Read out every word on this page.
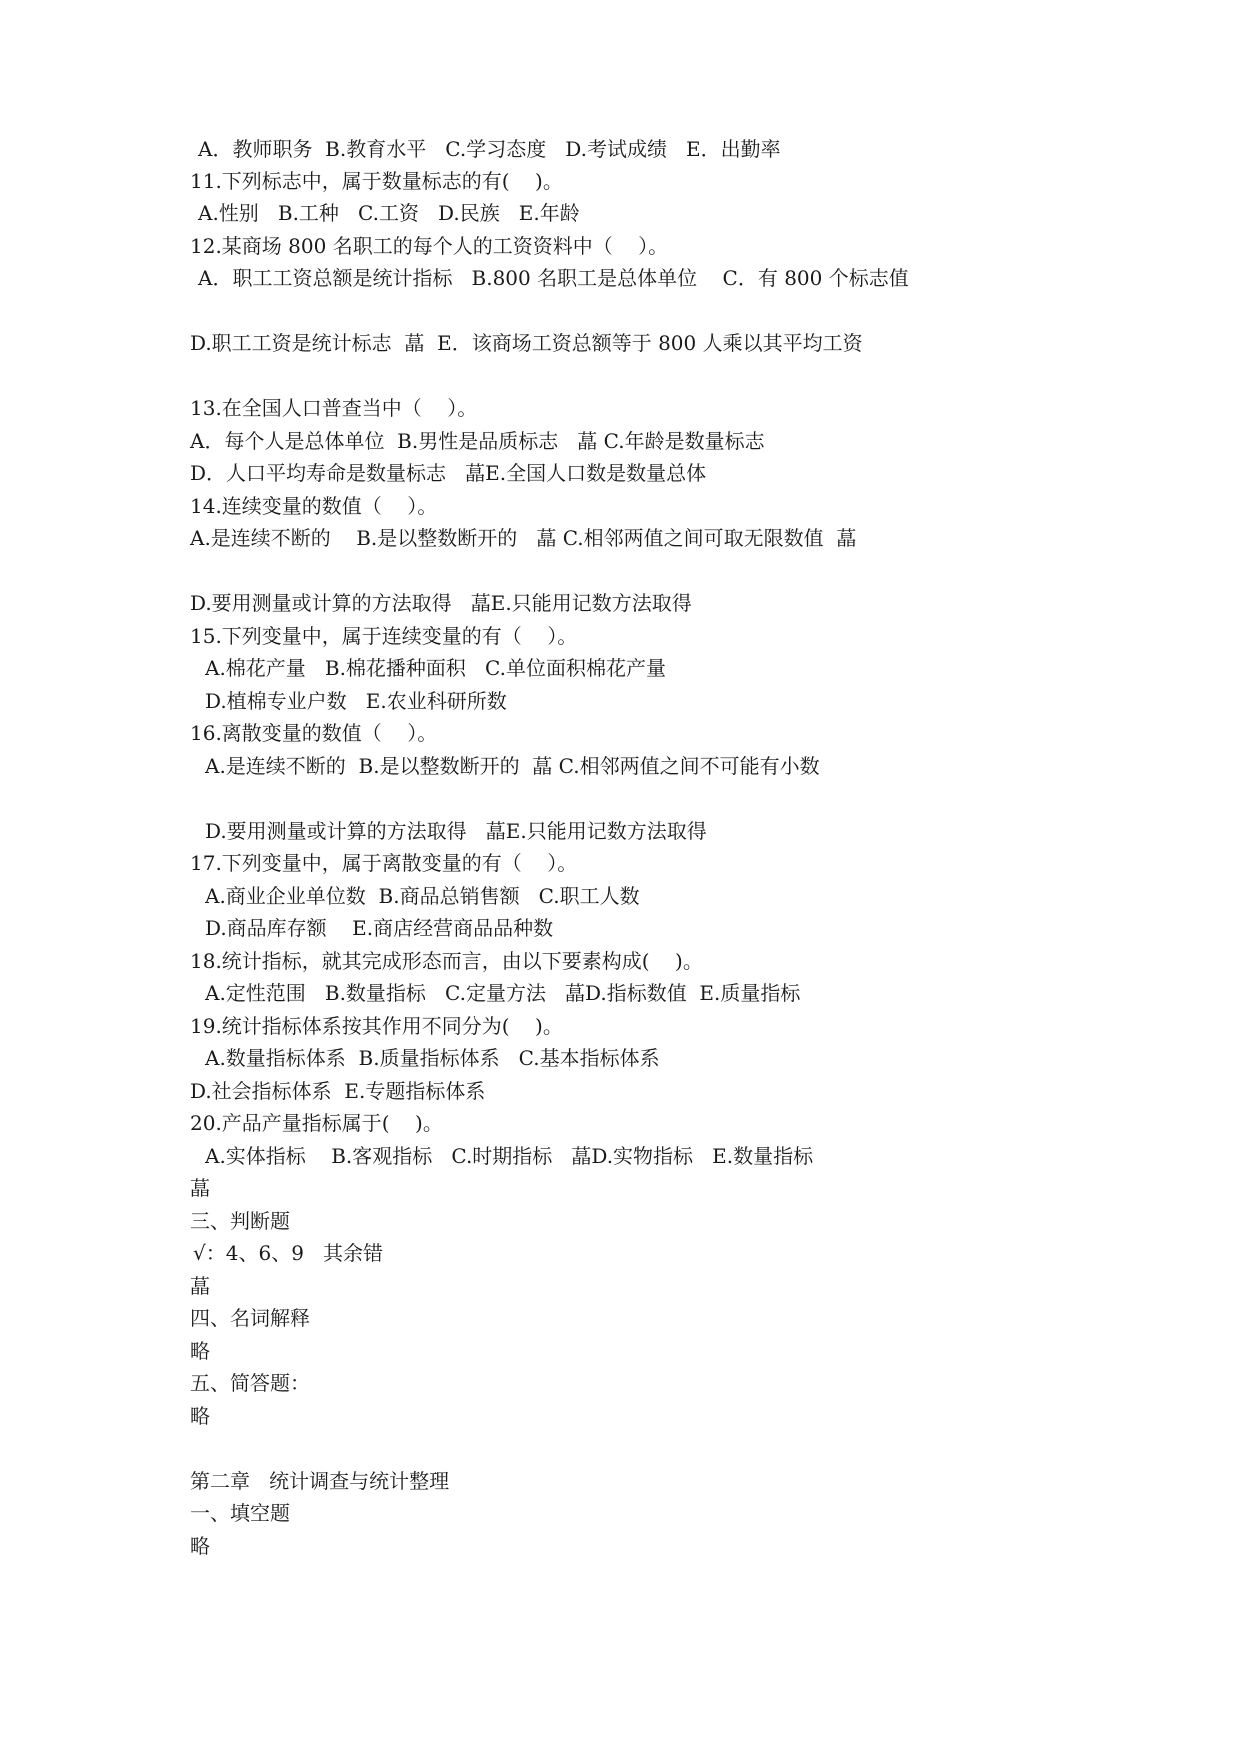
A．教师职务  B.教育水平   C.学习态度   D.考试成绩   E．出勤率
11.下列标志中，属于数量标志的有(    )。
A.性别   B.工种   C.工资   D.民族   E.年龄
12.某商场 800 名职工的每个人的工资资料中（    ）。
A．职工工资总额是统计指标   B.800 名职工是总体单位    C．有 800 个标志值
D.职工工资是统计标志  蕌  E．该商场工资总额等于 800 人乘以其平均工资
13.在全国人口普查当中（    ）。
A．每个人是总体单位  B.男性是品质标志   蕌 C.年龄是数量标志
D．人口平均寿命是数量标志   蕌E.全国人口数是数量总体
14.连续变量的数值（    ）。
A.是连续不断的    B.是以整数断开的   蕌 C.相邻两值之间可取无限数值  蕌
D.要用测量或计算的方法取得   蕌E.只能用记数方法取得
15.下列变量中，属于连续变量的有（    ）。
A.棉花产量   B.棉花播种面积   C.单位面积棉花产量
D.植棉专业户数   E.农业科研所数
16.离散变量的数值（    ）。
A.是连续不断的  B.是以整数断开的  蕌 C.相邻两值之间不可能有小数
D.要用测量或计算的方法取得   蕌E.只能用记数方法取得
17.下列变量中，属于离散变量的有（    ）。
A.商业企业单位数  B.商品总销售额   C.职工人数
D.商品库存额    E.商店经营商品品种数
18.统计指标，就其完成形态而言，由以下要素构成(    )。
A.定性范围   B.数量指标   C.定量方法   蕌D.指标数值  E.质量指标
19.统计指标体系按其作用不同分为(    )。
A.数量指标体系  B.质量指标体系   C.基本指标体系
D.社会指标体系  E.专题指标体系
20.产品产量指标属于(    )。
A.实体指标    B.客观指标   C.时期指标   蕌D.实物指标   E.数量指标
蕌
三、判断题
√：4、6、9   其余错
蕌
四、名词解释
略
五、简答题：
略
第二章   统计调查与统计整理
一、填空题
略
